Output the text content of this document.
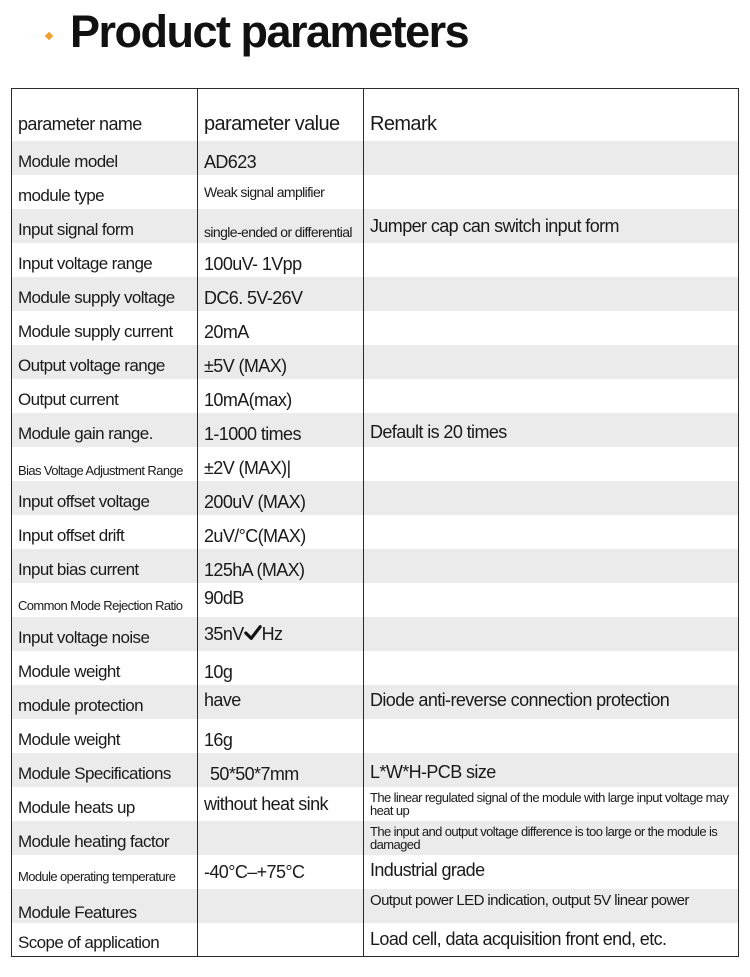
Product parameters
parameter name	parameter value	Remark
Module model	AD623	
module type	Weak signal amplifier	
Input signal form	single-ended or differential	Jumper cap can switch input form
Input voltage range	100uV- 1Vpp	
Module supply voltage	DC6. 5V-26V	
Module supply current	20mA	
Output voltage range	±5V (MAX)	
Output current	10mA(max)	
Module gain range.	1-1000 times	Default is 20 times
Bias Voltage Adjustment Range	±2V (MAX)|	
Input offset voltage	200uV (MAX)	
Input offset drift	2uV/°C(MAX)	
Input bias current	125hA (MAX)	

Common Mode Rejection Ratio	90dB	
Input voltage noise	35nV Hz	
Module weight	10g	
module protection	have	Diode anti-reverse connection protection
Module weight	16g	
Module Specifications	50*50*7mm	L*W*H-PCB size
Module heats up	without heat sink	The linear regulated signal of the module with large input voltage may heat up
Module heating factor		The input and output voltage difference is too large or the module is damaged
Module operating temperature	-40°C–+75°C	Industrial grade
Module Features		Output power LED indication, output 5V linear power
Scope of application		Load cell, data acquisition front end, etc.
